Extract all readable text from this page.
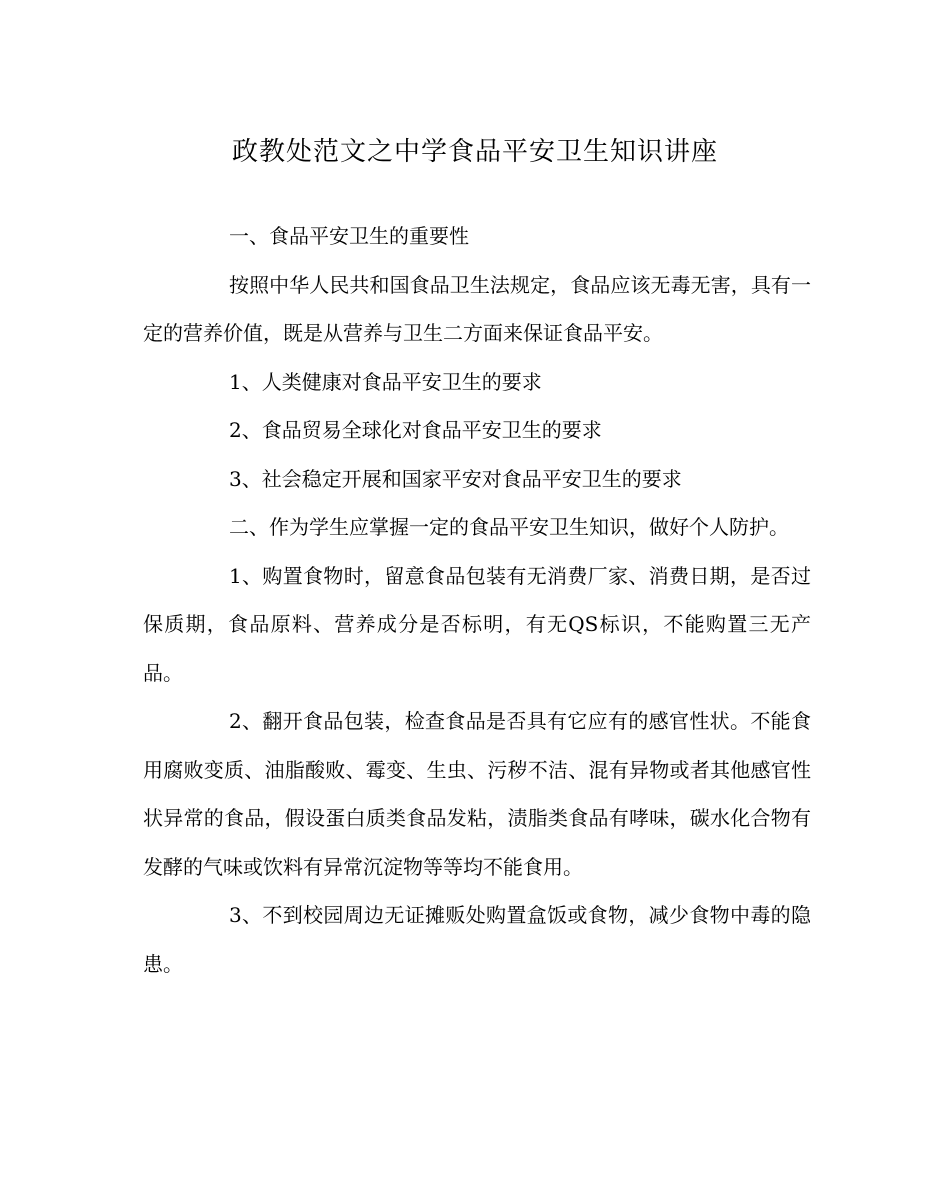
政教处范文之中学食品平安卫生知识讲座

一、食品平安卫生的重要性

按照中华人民共和国食品卫生法规定，食品应该无毒无害，具有一定的营养价值，既是从营养与卫生二方面来保证食品平安。

1、人类健康对食品平安卫生的要求

2、食品贸易全球化对食品平安卫生的要求

3、社会稳定开展和国家平安对食品平安卫生的要求

二、作为学生应掌握一定的食品平安卫生知识，做好个人防护。

1、购置食物时，留意食品包装有无消费厂家、消费日期，是否过保质期，食品原料、营养成分是否标明，有无QS标识，不能购置三无产品。

2、翻开食品包装，检查食品是否具有它应有的感官性状。不能食用腐败变质、油脂酸败、霉变、生虫、污秽不洁、混有异物或者其他感官性状异常的食品，假设蛋白质类食品发粘，渍脂类食品有哮味，碳水化合物有发酵的气味或饮料有异常沉淀物等等均不能食用。

3、不到校园周边无证摊贩处购置盒饭或食物，减少食物中毒的隐患。
